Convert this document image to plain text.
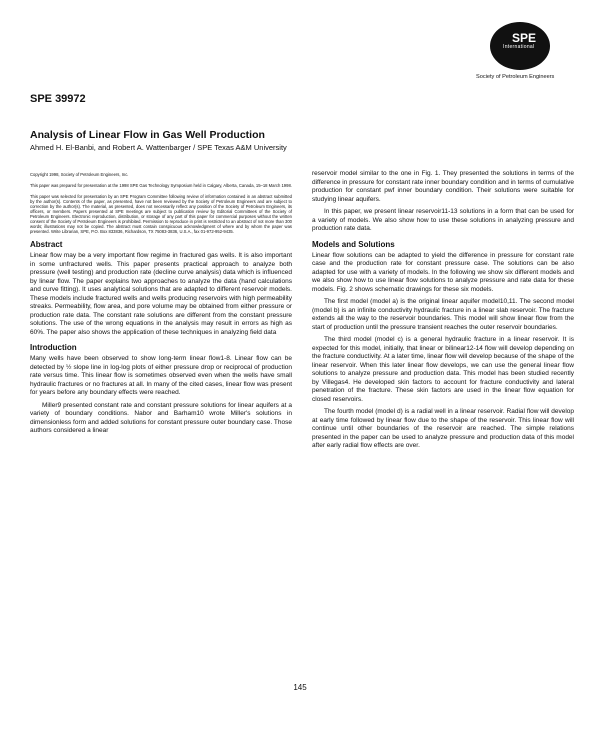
SPE
International
Society of Petroleum Engineers
SPE 39972
Analysis of Linear Flow in Gas Well Production
Ahmed H. El-Banbi, and Robert A. Wattenbarger / SPE Texas A&M University

Copyright 1998, Society of Petroleum Engineers, Inc.

This paper was prepared for presentation at the 1998 SPE Gas Technology Symposium held in Calgary, Alberta, Canada, 15–18 March 1998.

This paper was selected for presentation by an SPE Program Committee following review of information contained in an abstract submitted by the author(s). Contents of the paper, as presented, have not been reviewed by the Society of Petroleum Engineers and are subject to correction by the author(s). The material, as presented, does not necessarily reflect any position of the Society of Petroleum Engineers, its officers, or members. Papers presented at SPE meetings are subject to publication review by Editorial Committees of the Society of Petroleum Engineers. Electronic reproduction, distribution, or storage of any part of this paper for commercial purposes without the written consent of the Society of Petroleum Engineers is prohibited. Permission to reproduce in print is restricted to an abstract of not more than 300 words; illustrations may not be copied. The abstract must contain conspicuous acknowledgment of where and by whom the paper was presented. Write Librarian, SPE, P.O. Box 833836, Richardson, TX 75083-3836, U.S.A., fax 01-972-952-9435.

Abstract

Linear flow may be a very important flow regime in fractured gas wells. It is also important in some unfractured wells. This paper presents practical approach to analyze both pressure (well testing) and production rate (decline curve analysis) data which is influenced by linear flow. The paper explains two approaches to analyze the data (hand calculations and curve fitting). It uses analytical solutions that are adapted to different reservoir models. These models include fractured wells and wells producing reservoirs with high permeability streaks. Permeability, flow area, and pore volume may be obtained from either pressure or production rate data. The constant rate solutions are different from the constant pressure solutions. The use of the wrong equations in the analysis may result in errors as high as 60%. The paper also shows the application of these techniques in analyzing field data

Introduction

Many wells have been observed to show long-term linear flow1-8. Linear flow can be detected by ½ slope line in log-log plots of either pressure drop or reciprocal of production rate versus time. This linear flow is sometimes observed even when the wells have small hydraulic fractures or no fractures at all. In many of the cited cases, linear flow was present for years before any boundary effects were reached.

Miller9 presented constant rate and constant pressure solutions for linear aquifers at a variety of boundary conditions. Nabor and Barham10 wrote Miller's solutions in dimensionless form and added solutions for constant pressure outer boundary case. Those authors considered a linear

reservoir model similar to the one in Fig. 1. They presented the solutions in terms of the difference in pressure for constant rate inner boundary condition and in terms of cumulative production for constant pwf inner boundary condition. Their solutions were suitable for studying linear aquifers.

In this paper, we present linear reservoir11-13 solutions in a form that can be used for a variety of models. We also show how to use these solutions in analyzing pressure and production rate data.

Models and Solutions

Linear flow solutions can be adapted to yield the difference in pressure for constant rate case and the production rate for constant pressure case. The solutions can be also adapted for use with a variety of models. In the following we show six different models and we also show how to use linear flow solutions to analyze pressure and rate data for these models. Fig. 2 shows schematic drawings for these six models.

The first model (model a) is the original linear aquifer model10,11. The second model (model b) is an infinite conductivity hydraulic fracture in a linear slab reservoir. The fracture extends all the way to the reservoir boundaries. This model will show linear flow from the start of production until the pressure transient reaches the outer reservoir boundaries.

The third model (model c) is a general hydraulic fracture in a linear reservoir. It is expected for this model, initially, that linear or bilinear12-14 flow will develop depending on the fracture conductivity. At a later time, linear flow will develop because of the shape of the linear reservoir. When this later linear flow develops, we can use the general linear flow solutions to analyze pressure and production data. This model has been studied recently by Villegas4. He developed skin factors to account for fracture conductivity and lateral penetration of the fracture. These skin factors are used in the linear flow equation for closed reservoirs.

The fourth model (model d) is a radial well in a linear reservoir. Radial flow will develop at early time followed by linear flow due to the shape of the reservoir. This linear flow will continue until other boundaries of the reservoir are reached. The simple relations presented in the paper can be used to analyze pressure and production data of this model after early radial flow effects are over.

145
